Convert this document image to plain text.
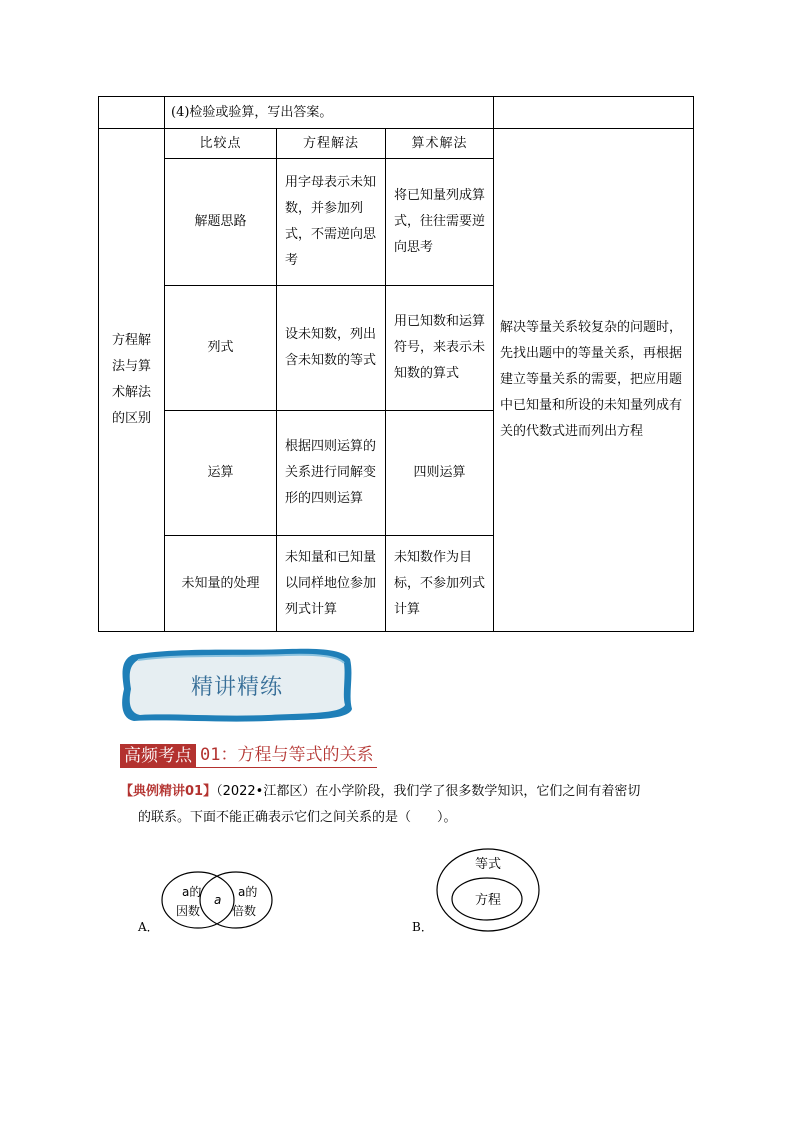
	(4)检验或验算，写出答案。			

方程解法与算术解法的区别	比较点	方程解法	算术解法	解决等量关系较复杂的问题时，先找出题中的等量关系，再根据建立等量关系的需要，把应用题中已知量和所设的未知量列成有关的代数式进而列出方程

	解题思路	用字母表示未知数，并参加列式，不需逆向思考	将已知量列成算式，往往需要逆向思考	

	列式	设未知数，列出含未知数的等式	用已知数和运算符号，来表示未知数的算式	

	运算	根据四则运算的关系进行同解变形的四则运算	四则运算	
	未知量的处理	未知量和已知量以同样地位参加列式计算	未知数作为目标，不参加列式计算	
精讲精练
高频考点 01：方程与等式的关系
【典例精讲01】（2022•江都区）在小学阶段，我们学了很多数学知识，它们之间有着密切
的联系。下面不能正确表示它们之间关系的是（　　）。
A．
a的
因数
a
a的
倍数
B．
等式
方程
